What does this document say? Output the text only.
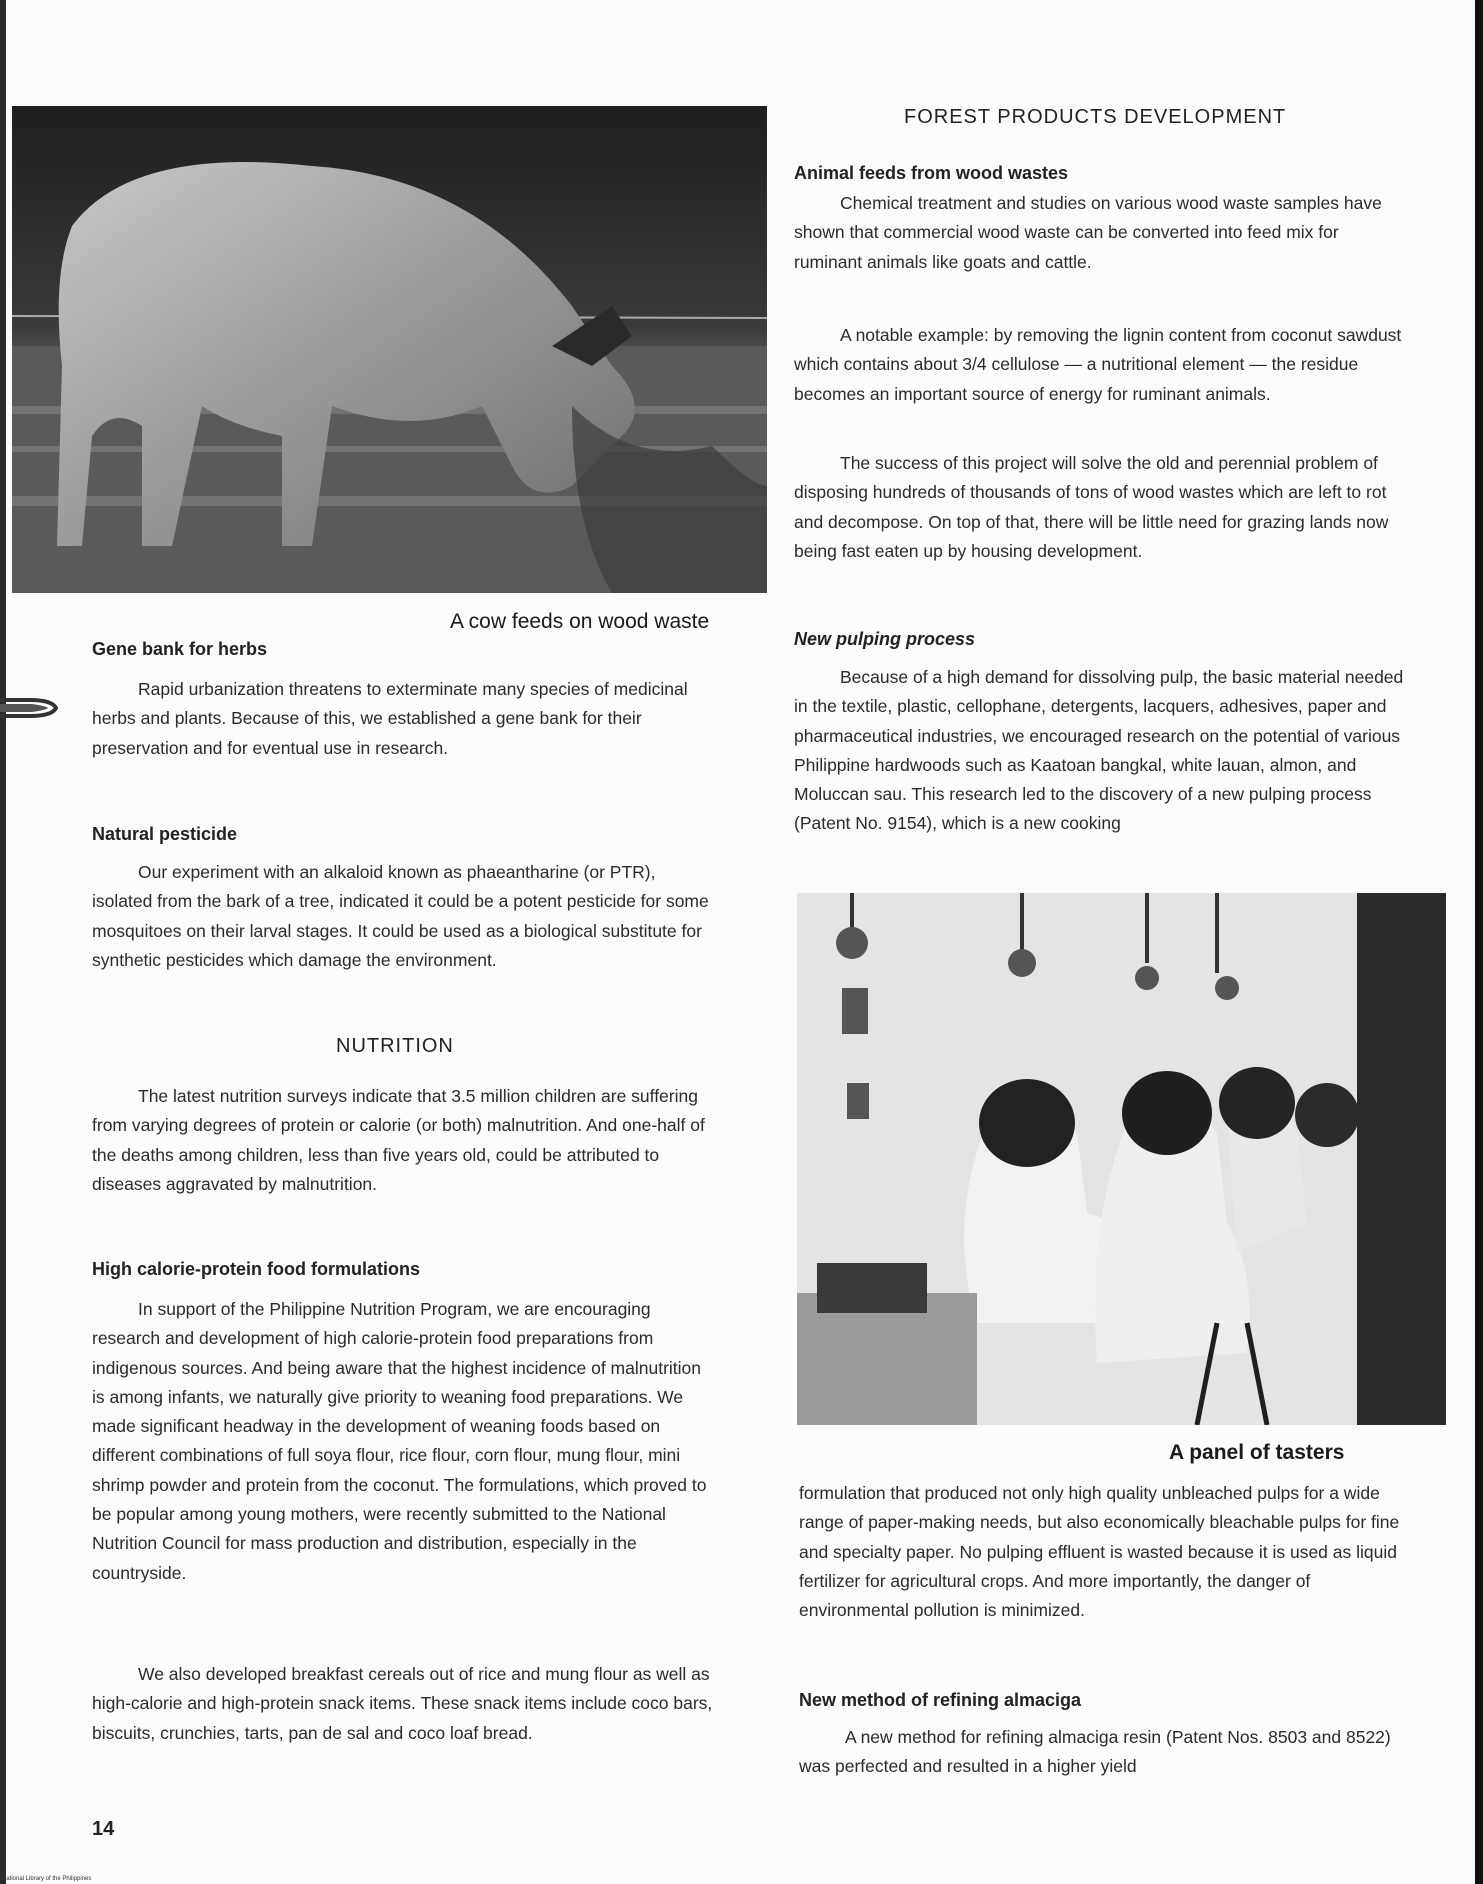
FOREST PRODUCTS DEVELOPMENT
A cow feeds on wood waste
Gene bank for herbs

Rapid urbanization threatens to exterminate many species of medicinal herbs and plants. Because of this, we established a gene bank for their preservation and for eventual use in research.

Natural pesticide

Our experiment with an alkaloid known as phaeantharine (or PTR), isolated from the bark of a tree, indicated it could be a potent pesticide for some mosquitoes on their larval stages. It could be used as a biological substitute for synthetic pesticides which damage the environment.

NUTRITION

The latest nutrition surveys indicate that 3.5 million children are suffering from varying degrees of protein or calorie (or both) malnutrition. And one-half of the deaths among children, less than five years old, could be attributed to diseases aggravated by malnutrition.

High calorie-protein food formulations

In support of the Philippine Nutrition Program, we are encouraging research and development of high calorie-protein food preparations from indigenous sources. And being aware that the highest incidence of malnutrition is among infants, we naturally give priority to weaning food preparations. We made significant headway in the development of weaning foods based on different combinations of full soya flour, rice flour, corn flour, mung flour, mini shrimp powder and protein from the coconut. The formulations, which proved to be popular among young mothers, were recently submitted to the National Nutrition Council for mass production and distribution, especially in the countryside.

We also developed breakfast cereals out of rice and mung flour as well as high-calorie and high-protein snack items. These snack items include coco bars, biscuits, crunchies, tarts, pan de sal and coco loaf bread.

14
National Library of the Philippines
Animal feeds from wood wastes

Chemical treatment and studies on various wood waste samples have shown that commercial wood waste can be converted into feed mix for ruminant animals like goats and cattle.

A notable example: by removing the lignin content from coconut sawdust which contains about 3/4 cellulose — a nutritional element — the residue becomes an important source of energy for ruminant animals.

The success of this project will solve the old and perennial problem of disposing hundreds of thousands of tons of wood wastes which are left to rot and decompose. On top of that, there will be little need for grazing lands now being fast eaten up by housing development.

New pulping process

Because of a high demand for dissolving pulp, the basic material needed in the textile, plastic, cellophane, detergents, lacquers, adhesives, paper and pharmaceutical industries, we encouraged research on the potential of various Philippine hardwoods such as Kaatoan bangkal, white lauan, almon, and Moluccan sau. This research led to the discovery of a new pulping process (Patent No. 9154), which is a new cooking

A panel of tasters

formulation that produced not only high quality unbleached pulps for a wide range of paper-making needs, but also economically bleachable pulps for fine and specialty paper. No pulping effluent is wasted because it is used as liquid fertilizer for agricultural crops. And more importantly, the danger of environmental pollution is minimized.

New method of refining almaciga

A new method for refining almaciga resin (Patent Nos. 8503 and 8522) was perfected and resulted in a higher yield
